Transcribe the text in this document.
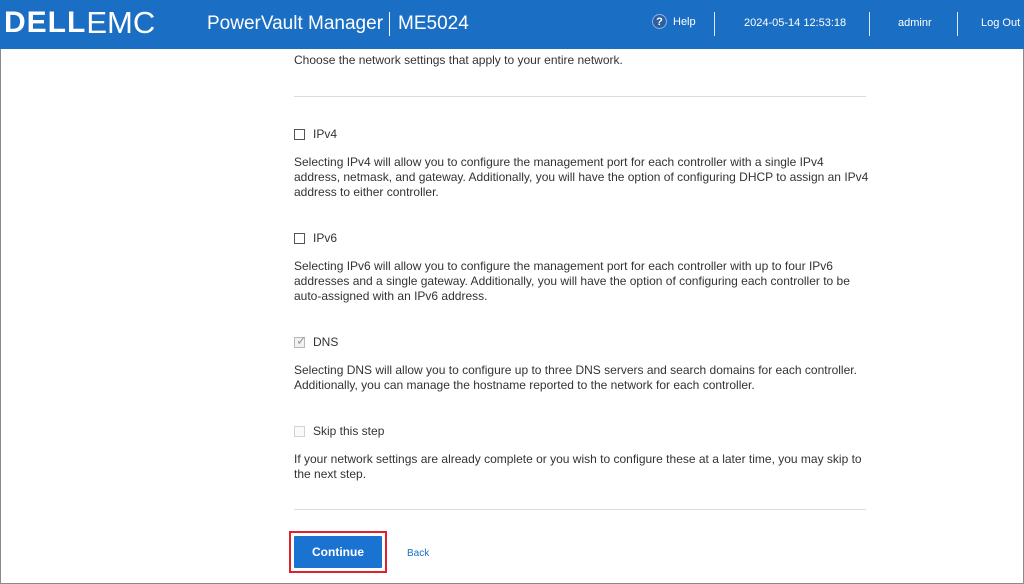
DELL EMC	PowerVault Manager ME5024	? Help	2024-05-14 12:53:18	adminr	Log Out
Choose the network settings that apply to your entire network.
IPv4
Selecting IPv4 will allow you to configure the management port for each controller with a single IPv4 address, netmask, and gateway. Additionally, you will have the option of configuring DHCP to assign an IPv4 address to either controller.
IPv6
Selecting IPv6 will allow you to configure the management port for each controller with up to four IPv6 addresses and a single gateway. Additionally, you will have the option of configuring each controller to be auto-assigned with an IPv6 address.
✓ DNS
Selecting DNS will allow you to configure up to three DNS servers and search domains for each controller. Additionally, you can manage the hostname reported to the network for each controller.
Skip this step
If your network settings are already complete or you wish to configure these at a later time, you may skip to the next step.
Continue	Back
